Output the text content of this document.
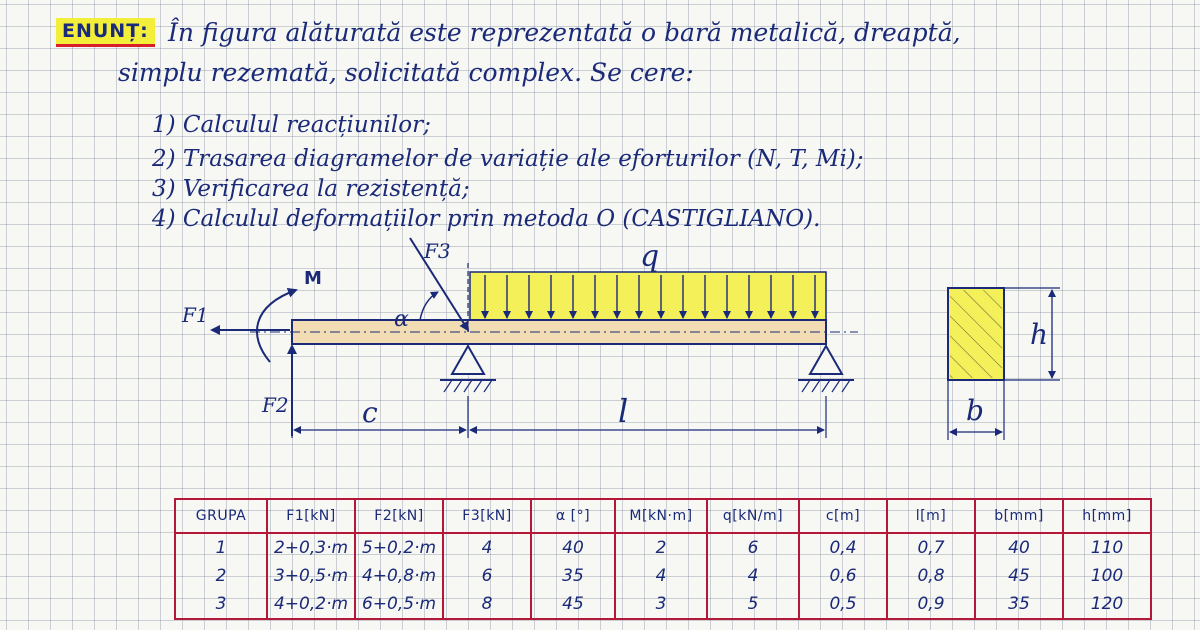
ENUNȚ: În figura alăturată este reprezentată o bară metalică, dreaptă,
simplu rezemată, solicitată complex. Se cere:
1) Calculul reacțiunilor;
2) Trasarea diagramelor de variație ale eforturilor (N, T, Mi);
3) Verificarea la rezistență;
4) Calculul deformațiilor prin metoda O (CASTIGLIANO).
q
F1
M
F2
α
F3
c	l
h
b
GRUPA	F1[kN]	F2[kN]	F3[kN]	α [°]	M[kN·m]	q[kN/m]	c[m]	l[m]	b[mm]	h[mm]
1	2+0,3·m	5+0,2·m	4	40	2	6	0,4	0,7	40	110
2	3+0,5·m	4+0,8·m	6	35	4	4	0,6	0,8	45	100
3	4+0,2·m	6+0,5·m	8	45	3	5	0,5	0,9	35	120
